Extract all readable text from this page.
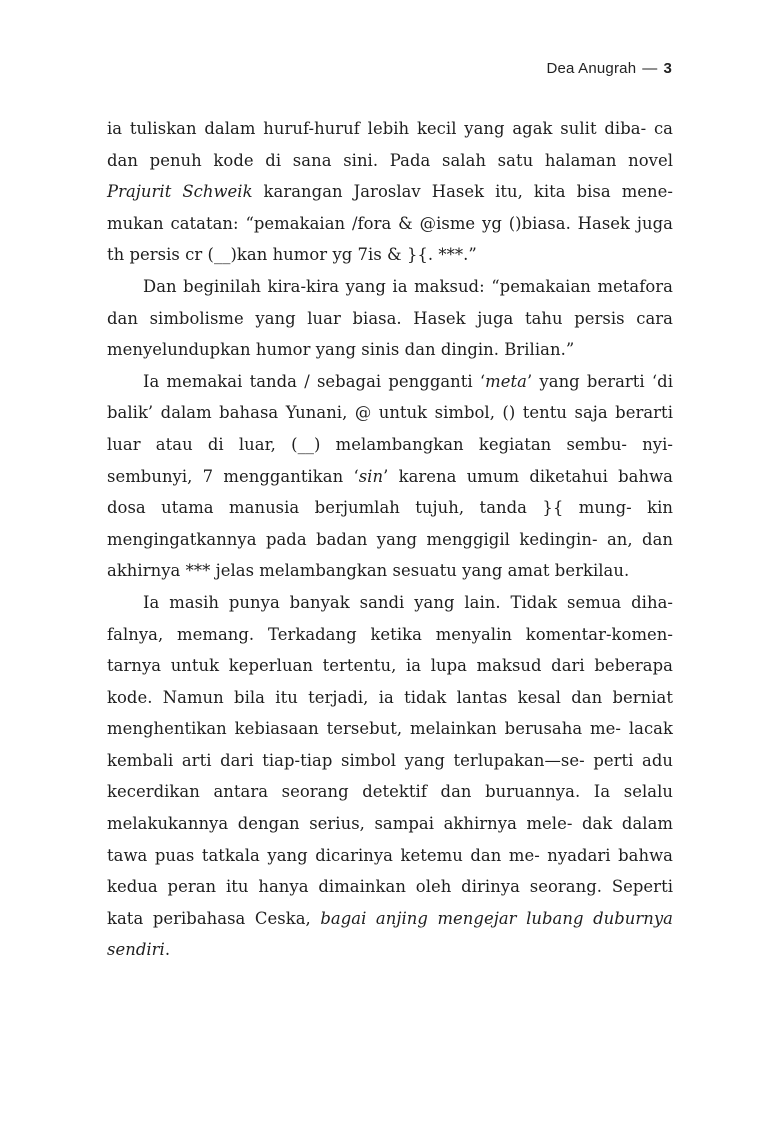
Dea Anugrah — 3

ia tuliskan dalam huruf-huruf lebih kecil yang agak sulit diba- ca dan penuh kode di sana sini. Pada salah satu halaman novel Prajurit Schweik karangan Jaroslav Hasek itu, kita bisa mene- mukan catatan: “pemakaian /fora & @isme yg ()biasa. Hasek juga th persis cr (__)kan humor yg 7is & }{. ***.”

Dan beginilah kira-kira yang ia maksud: “pemakaian metafora dan simbolisme yang luar biasa. Hasek juga tahu persis cara menyelundupkan humor yang sinis dan dingin. Brilian.”

Ia memakai tanda / sebagai pengganti ‘meta’ yang berarti ‘di balik’ dalam bahasa Yunani, @ untuk simbol, () tentu saja berarti luar atau di luar, (__) melambangkan kegiatan sembu- nyi-sembunyi, 7 menggantikan ‘sin’ karena umum diketahui bahwa dosa utama manusia berjumlah tujuh, tanda }{ mung- kin mengingatkannya pada badan yang menggigil kedingin- an, dan akhirnya *** jelas melambangkan sesuatu yang amat berkilau.

Ia masih punya banyak sandi yang lain. Tidak semua diha- falnya, memang. Terkadang ketika menyalin komentar-komen- tarnya untuk keperluan tertentu, ia lupa maksud dari beberapa kode. Namun bila itu terjadi, ia tidak lantas kesal dan berniat menghentikan kebiasaan tersebut, melainkan berusaha me- lacak kembali arti dari tiap-tiap simbol yang terlupakan—se- perti adu kecerdikan antara seorang detektif dan buruannya. Ia selalu melakukannya dengan serius, sampai akhirnya mele- dak dalam tawa puas tatkala yang dicarinya ketemu dan me- nyadari bahwa kedua peran itu hanya dimainkan oleh dirinya seorang. Seperti kata peribahasa Ceska, bagai anjing mengejar lubang duburnya sendiri.
